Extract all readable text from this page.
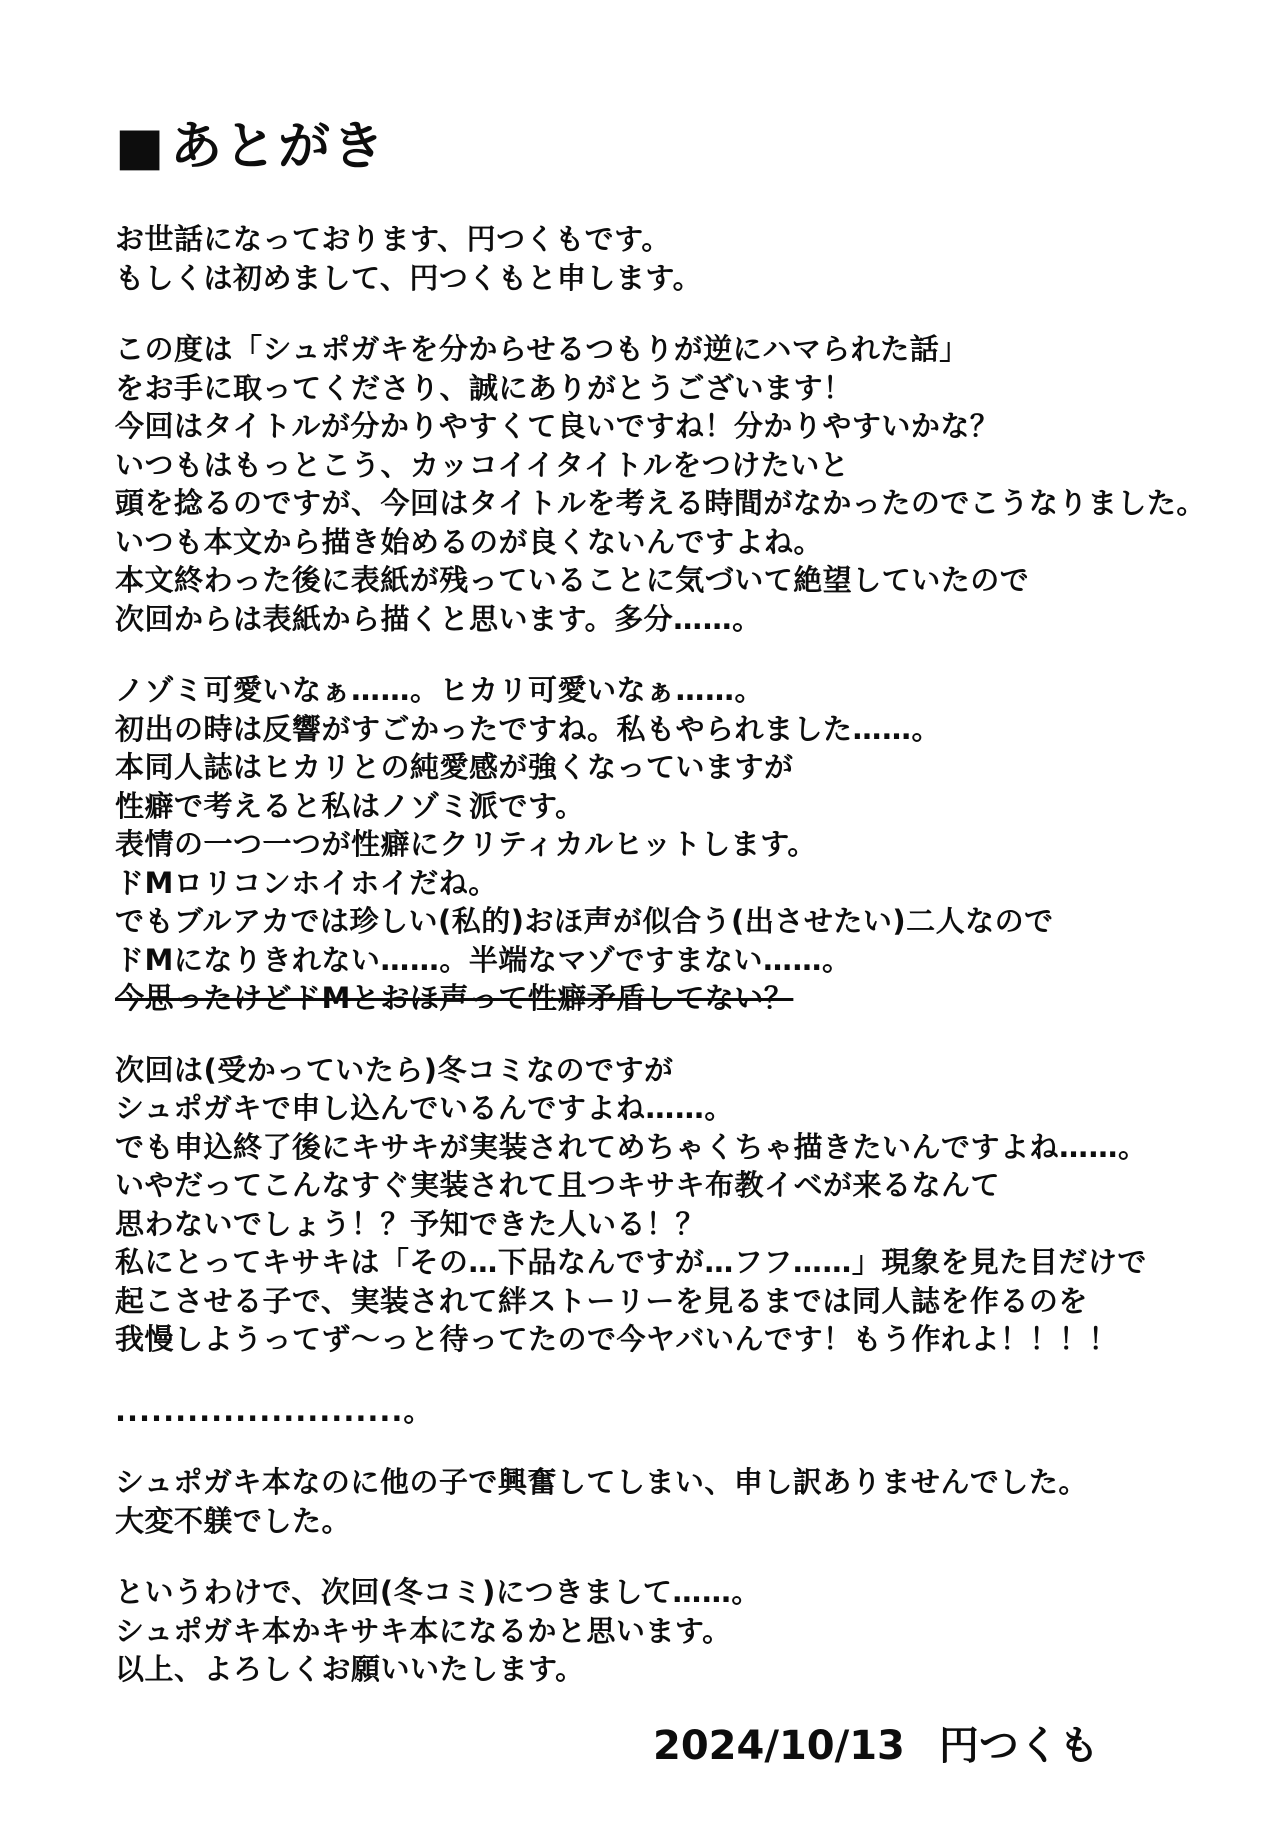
■あとがき
お世話になっております、円つくもです。
もしくは初めまして、円つくもと申します。
この度は「シュポガキを分からせるつもりが逆にハマられた話」
をお手に取ってくださり、誠にありがとうございます！
今回はタイトルが分かりやすくて良いですね！分かりやすいかな？
いつもはもっとこう、カッコイイタイトルをつけたいと
頭を捻るのですが、今回はタイトルを考える時間がなかったのでこうなりました。
いつも本文から描き始めるのが良くないんですよね。
本文終わった後に表紙が残っていることに気づいて絶望していたので
次回からは表紙から描くと思います。多分……。
ノゾミ可愛いなぁ……。ヒカリ可愛いなぁ……。
初出の時は反響がすごかったですね。私もやられました……。
本同人誌はヒカリとの純愛感が強くなっていますが
性癖で考えると私はノゾミ派です。
表情の一つ一つが性癖にクリティカルヒットします。
ドMロリコンホイホイだね。
でもブルアカでは珍しい(私的)おほ声が似合う(出させたい)二人なので
ドMになりきれない……。半端なマゾですまない……。
今思ったけどドMとおほ声って性癖矛盾してない？
次回は(受かっていたら)冬コミなのですが
シュポガキで申し込んでいるんですよね……。
でも申込終了後にキサキが実装されてめちゃくちゃ描きたいんですよね……。
いやだってこんなすぐ実装されて且つキサキ布教イベが来るなんて
思わないでしょう！？予知できた人いる！？
私にとってキサキは「その…下品なんですが…フフ……」現象を見た目だけで
起こさせる子で、実装されて絆ストーリーを見るまでは同人誌を作るのを
我慢しようってず〜っと待ってたので今ヤバいんです！もう作れよ！！！！
........................。
シュポガキ本なのに他の子で興奮してしまい、申し訳ありませんでした。
大変不躾でした。
というわけで、次回(冬コミ)につきまして……。
シュポガキ本かキサキ本になるかと思います。
以上、よろしくお願いいたします。
2024/10/13 円つくも
